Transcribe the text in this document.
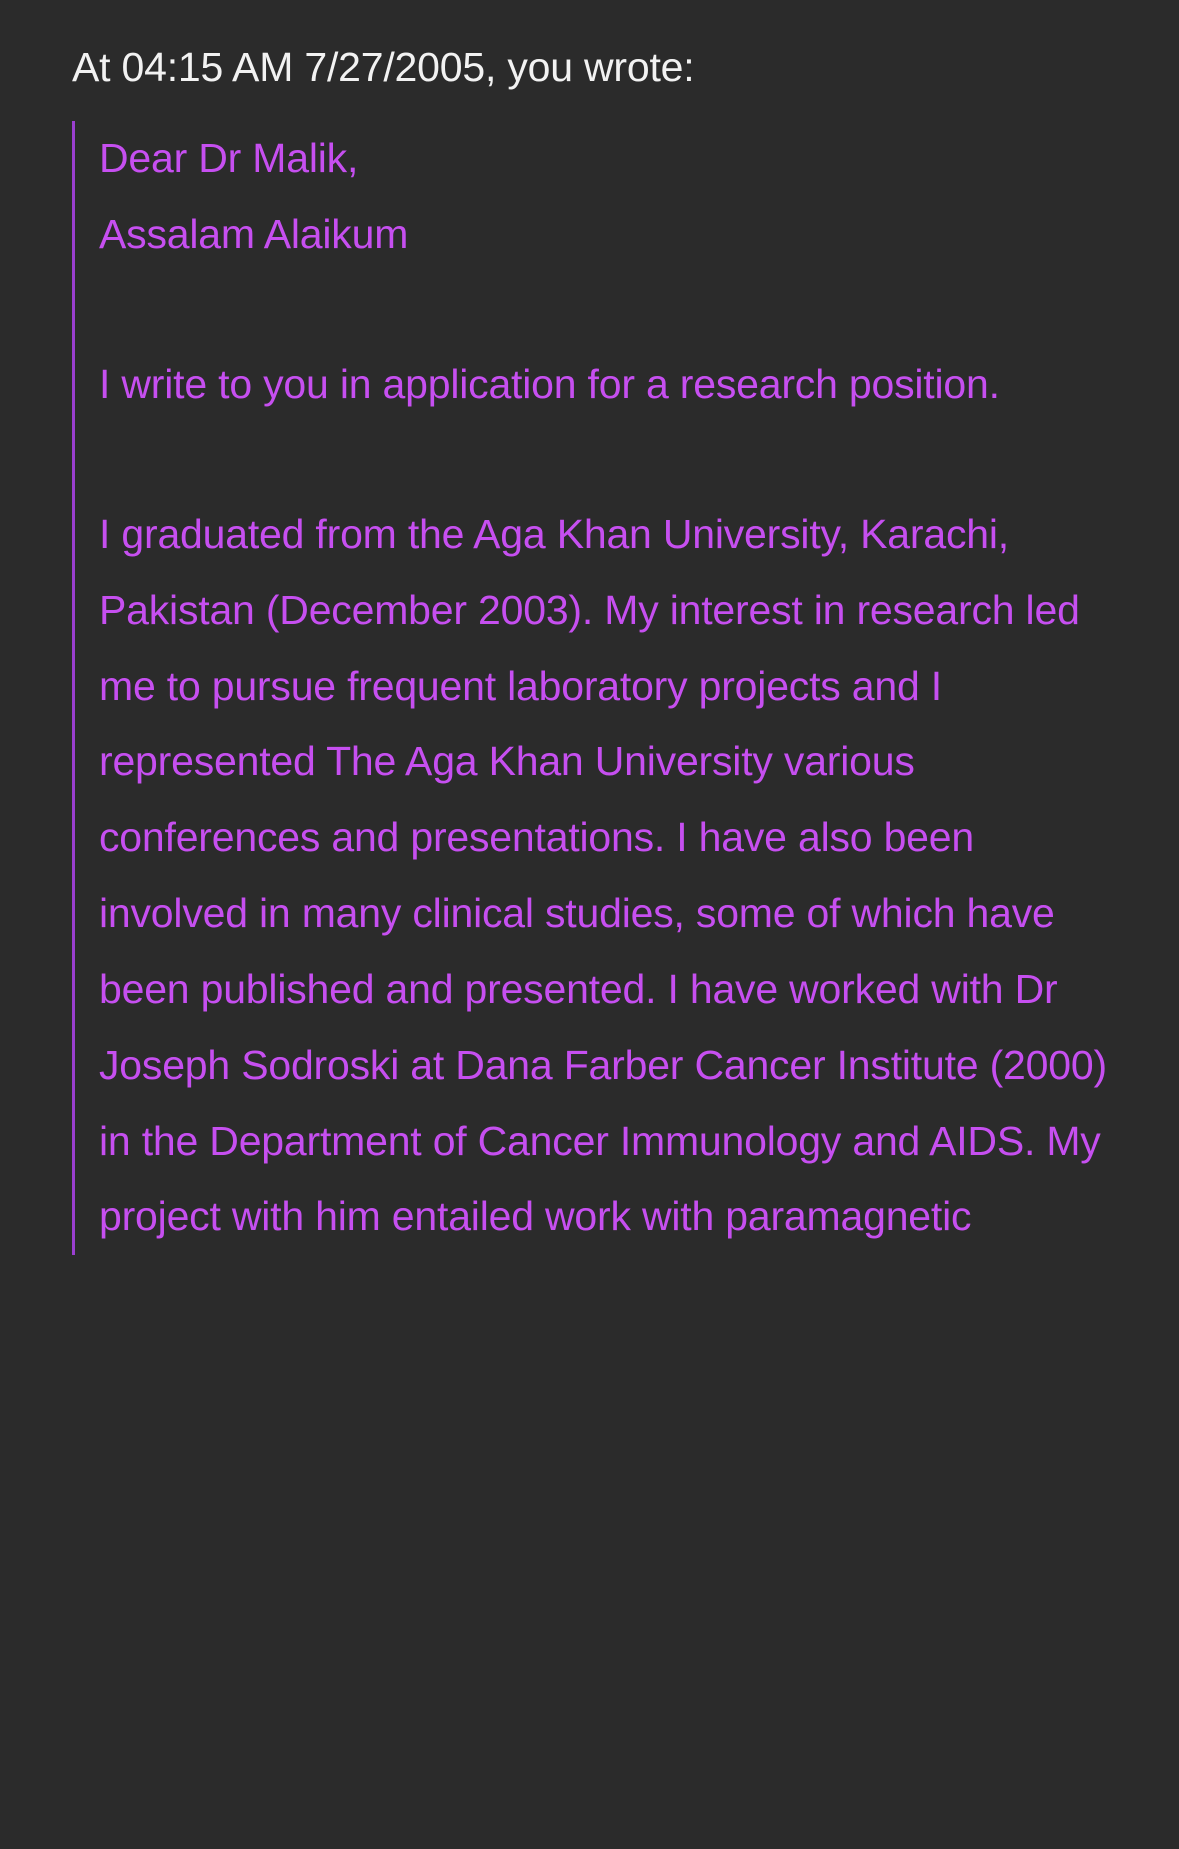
At 04:15 AM 7/27/2005, you wrote:
Dear Dr Malik,
Assalam Alaikum
I write to you in application for a research position.
I graduated from the Aga Khan University, Karachi, Pakistan (December 2003). My interest in research led me to pursue frequent laboratory projects and I represented The Aga Khan University various conferences and presentations. I have also been involved in many clinical studies, some of which have been published and presented. I have worked with Dr Joseph Sodroski at Dana Farber Cancer Institute (2000) in the Department of Cancer Immunology and AIDS. My project with him entailed work with paramagnetic
